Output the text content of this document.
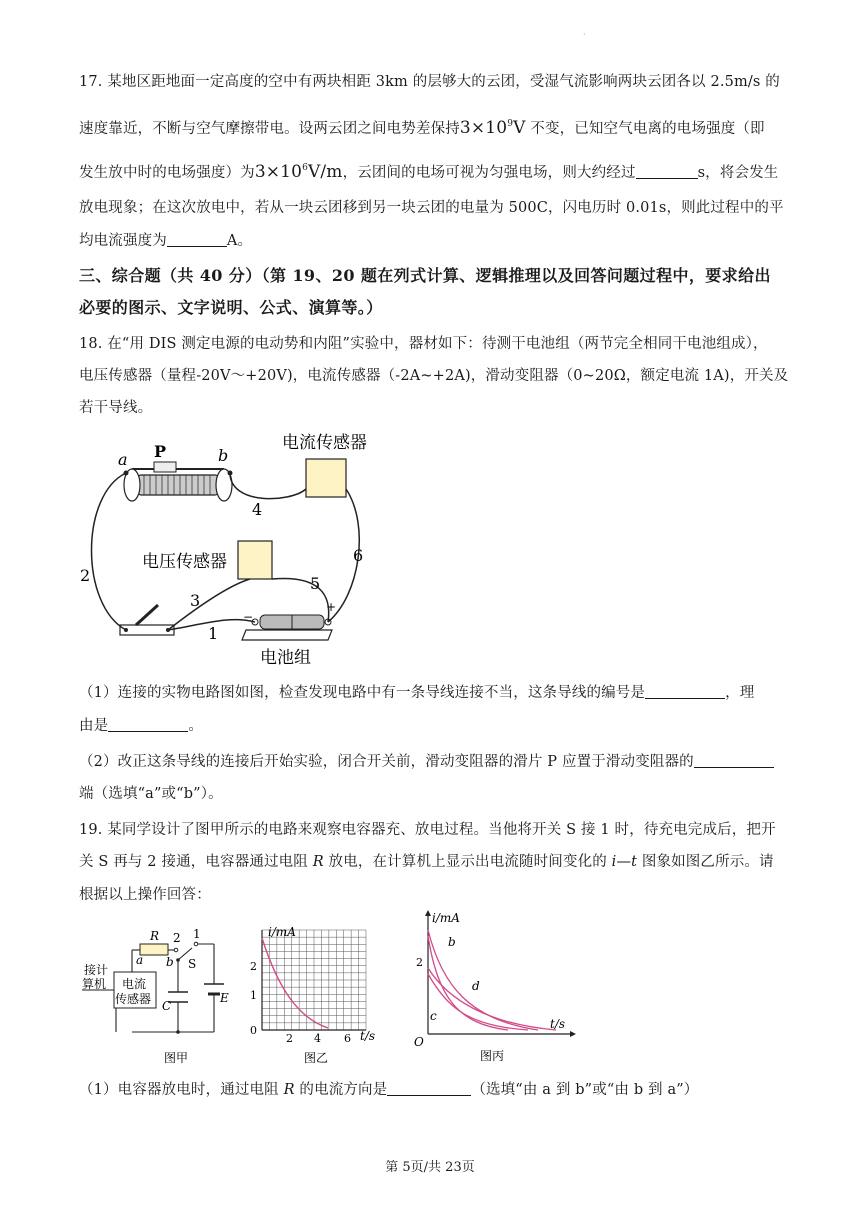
·
17. 某地区距地面一定高度的空中有两块相距 3km 的层够大的云团，受湿气流影响两块云团各以 2.5m/s 的
速度靠近，不断与空气摩擦带电。设两云团之间电势差保持$3\times 10^9V$ 不变，已知空气电离的电场强度（即
发生放中时的电场强度）为$3\times 10^6V/m$，云团间的电场可视为匀强电场，则大约经过	s，将会发生
放电现象；在这次放电中，若从一块云团移到另一块云团的电量为 500C，闪电历时 0.01s，则此过程中的平
均电流强度为	A。
三、综合题（共 40 分）（第 19、20 题在列式计算、逻辑推理以及回答问题过程中，要求给出
必要的图示、文字说明、公式、演算等。）
18. 在“用 DIS 测定电源的电动势和内阻”实验中，器材如下：待测干电池组（两节完全相同干电池组成），
电压传感器（量程-20V～+20V)，电流传感器（-2A~+2A)，滑动变阻器（0~20Ω，额定电流 1A)，开关及
若干导线。
P
a	b
电流传感器
电压传感器
−
+
电池组
2
4
3
1
5
6
（1）连接的实物电路图如图，检查发现电路中有一条导线连接不当，这条导线的编号是	，理
由是	。
（2）改正这条导线的连接后开始实验，闭合开关前，滑动变阻器的滑片 P 应置于滑动变阻器的
端（选填“a”或“b”）。
19. 某同学设计了图甲所示的电路来观察电容器充、放电过程。当他将开关 S 接 1 时，待充电完成后，把开
关 S 再与 2 接通，电容器通过电阻 R 放电，在计算机上显示出电流随时间变化的 i—t 图象如图乙所示。请
根据以上操作回答：
R 2 1
a b S
C
E
接计
算机 电流
传感器
图甲
i/mA
t/s
2
1
0
2 4 6
图乙
i/mA
t/s
2
O
b
d
c
图丙
（1）电容器放电时，通过电阻 R 的电流方向是	（选填“由 a 到 b”或“由 b 到 a”）
第 5页/共 23页
